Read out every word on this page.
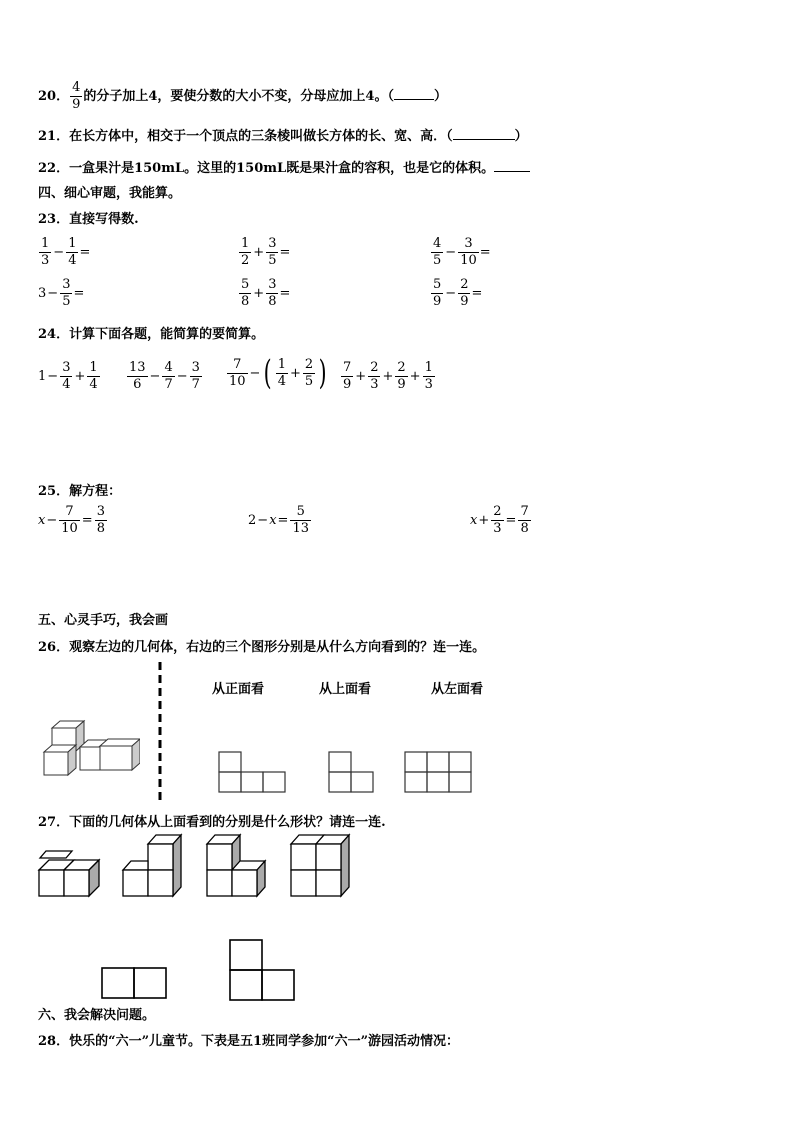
20． $\frac{4}{9}$ 的分子加上4，要使分数的大小不变，分母应加上4。（	）
21．在长方体中，相交于一个顶点的三条棱叫做长方体的长、宽、高．（	）
22．一盒果汁是150mL。这里的150mL既是果汁盒的容积，也是它的体积。
四、细心审题，我能算。
23．直接写得数.
$\frac{1}{3} - \frac{1}{4}$ =	$\frac{1}{2} + \frac{3}{5}$ =	$\frac{4}{5} - \frac{3}{10}$ =
$3 - \frac{3}{5}$ =	$\frac{5}{8} + \frac{3}{8}$ =	$\frac{5}{9} - \frac{2}{9}$ =
24．计算下面各题，能简算的要简算。
$1 - \frac{3}{4} + \frac{1}{4} \frac{13}{6} - \frac{4}{7} - \frac{3}{7} \frac{7}{10}$ − ( $\frac{1}{4} + \frac{2}{5}$ ) $\frac{7}{9} + \frac{2}{3} + \frac{2}{9} + \frac{1}{3}$
25．解方程：
$x - \frac{7}{10} = \frac{3}{8}$	$2 - x = \frac{5}{13}$	$x + \frac{2}{3} = \frac{7}{8}$
五、心灵手巧，我会画
26．观察左边的几何体，右边的三个图形分别是从什么方向看到的？连一连。
从正面看	从上面看	从左面看
27．下面的几何体从上面看到的分别是什么形状？请连一连.
六、我会解决问题。
28．快乐的“六一”儿童节。下表是五1班同学参加“六一”游园活动情况：
